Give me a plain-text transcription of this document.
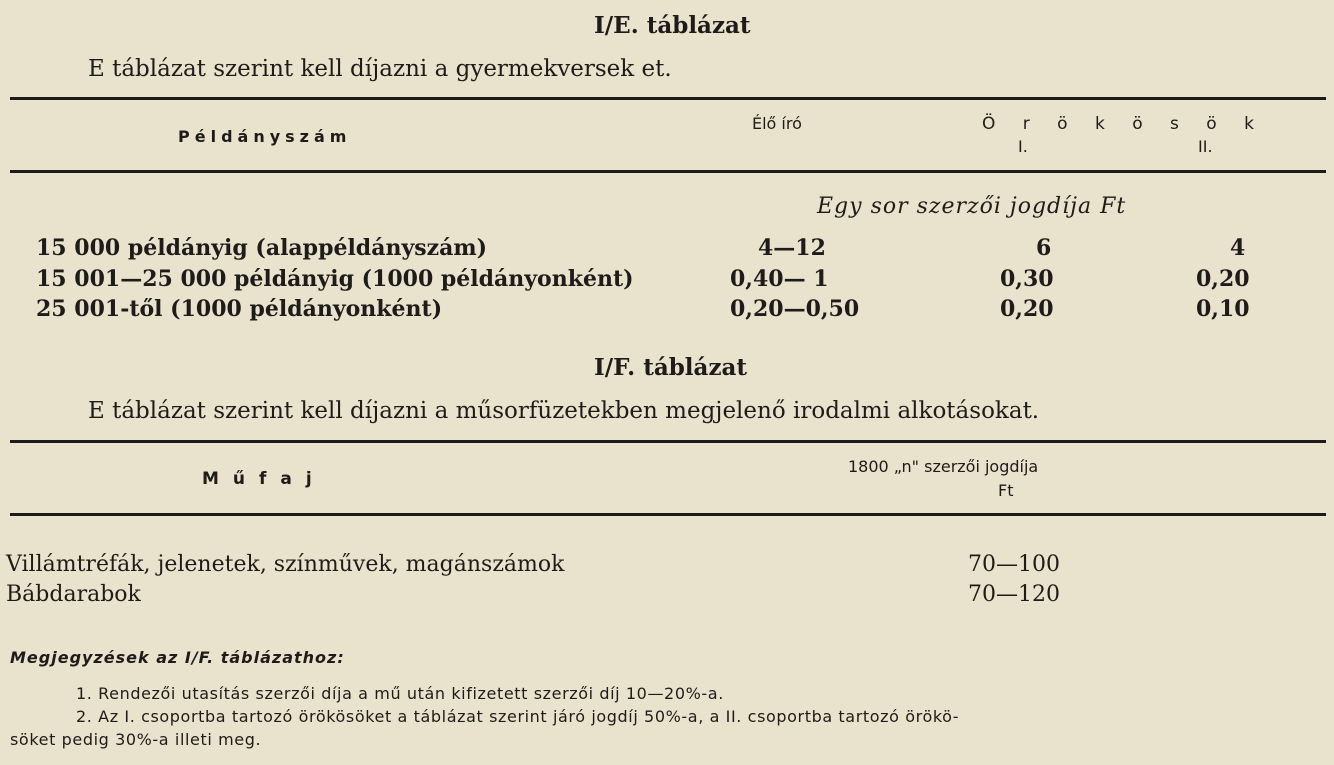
I/E. táblázat
E táblázat szerint kell díjazni a gyermekversek et.
Példányszám
Élő író	Ö r ö k ö s ö k
I.	II.
Egy sor szerzői jogdíja Ft
15 000 példányig (alappéldányszám)	4—12	6	4
15 001—25 000 példányig (1000 példányonként)	0,40— 1	0,30	0,20
25 001-től (1000 példányonként)	0,20—0,50	0,20	0,10
I/F. táblázat
E táblázat szerint kell díjazni a műsorfüzetekben megjelenő irodalmi alkotásokat.
Műfaj
1800 „n" szerzői jogdíja
Ft
Villámtréfák, jelenetek, színművek, magánszámok	70—100
Bábdarabok	70—120
Megjegyzések az I/F. táblázathoz:
1. Rendezői utasítás szerzői díja a mű után kifizetett szerzői díj 10—20%-a.
2. Az I. csoportba tartozó örökösöket a táblázat szerint járó jogdíj 50%-a, a II. csoportba tartozó örökö-
söket pedig 30%-a illeti meg.
